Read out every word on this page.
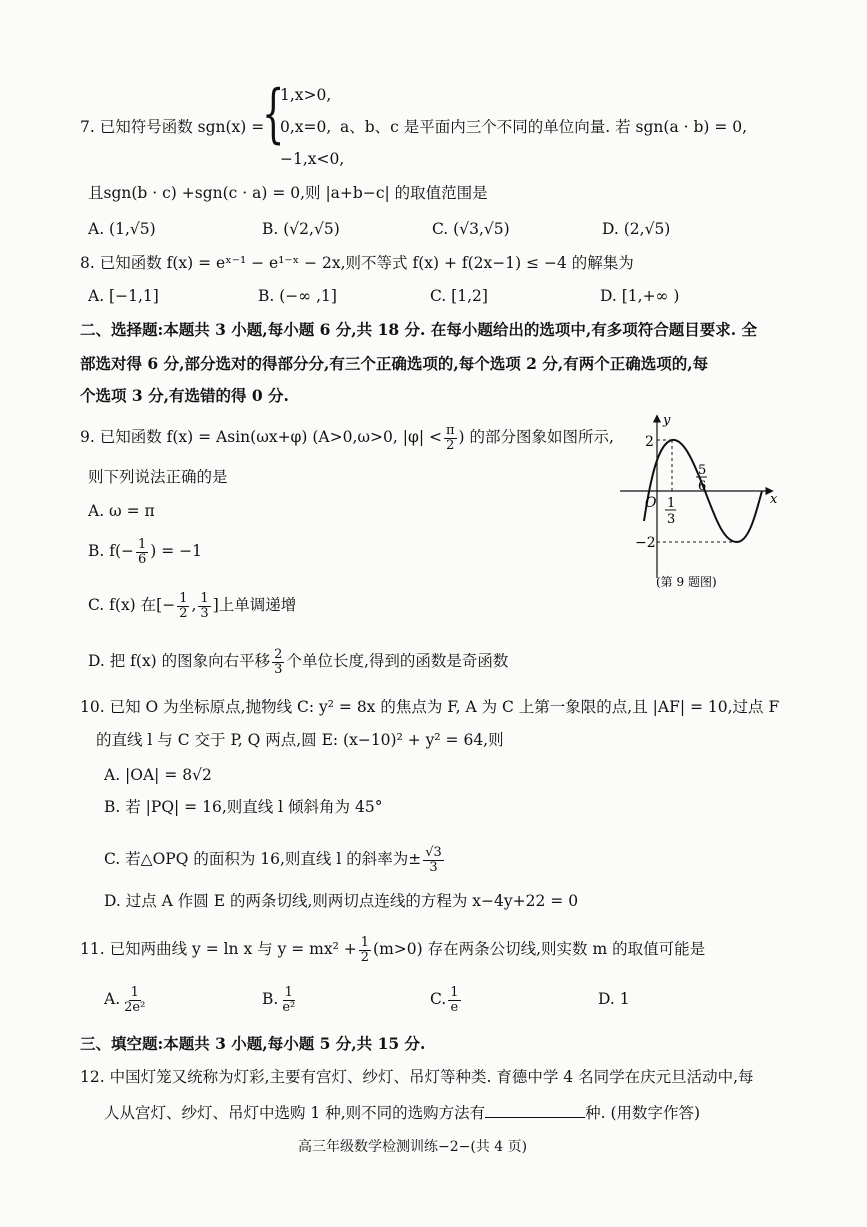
7. 已知符号函数 sgn(x) =
{
1,x>0,
0,x=0,
−1,x<0,
a、b、c 是平面内三个不同的单位向量. 若 sgn(a · b) = 0,
且sgn(b · c) +sgn(c · a) = 0,则 |a+b−c| 的取值范围是
A. (1,√5)	B. (√2,√5)	C. (√3,√5)	D. (2,√5)
8. 已知函数 f(x) = eˣ⁻¹ − e¹⁻ˣ − 2x,则不等式 f(x) + f(2x−1) ≤ −4 的解集为
A. [−1,1]	B. (−∞ ,1]	C. [1,2]	D. [1,+∞ )
二、选择题:本题共 3 小题,每小题 6 分,共 18 分. 在每小题给出的选项中,有多项符合题目要求. 全
部选对得 6 分,部分选对的得部分分,有三个正确选项的,每个选项 2 分,有两个正确选项的,每
个选项 3 分,有选错的得 0 分.
9. 已知函数 f(x) = Asin(ωx+φ) (A>0,ω>0, $|\varphi| < \frac{\pi}{2}$ ) 的部分图象如图所示,
则下列说法正确的是
A. ω = π
B. $f(- \frac{1}{6}$ ) = −1
C. f(x) 在[− $\frac{1}{2}$ , $\frac{1}{3}$ ]上单调递增
D. 把 f(x) 的图象向右平移 $\frac{2}{3}$ 个单位长度,得到的函数是奇函数
y
x
O
2
−2
1
3
5
6
(第 9 题图)
10. 已知 O 为坐标原点,抛物线 C: y² = 8x 的焦点为 F, A 为 C 上第一象限的点,且 |AF| = 10,过点 F
的直线 l 与 C 交于 P, Q 两点,圆 E: (x−10)² + y² = 64,则
A. |OA| = 8√2
B. 若 |PQ| = 16,则直线 l 倾斜角为 45°
C. 若△OPQ 的面积为 16,则直线 l 的斜率为± $\frac{√3}{3}$
D. 过点 A 作圆 E 的两条切线,则两切点连线的方程为 x−4y+22 = 0
11. 已知两曲线 y = ln x 与 $y = mx^2 + \frac{1}{2} (m>0)$ 存在两条公切线,则实数 m 的取值可能是
A. $\frac{1}{\text{2e²}}$	B. $\frac{1}{\text{e²}}$	C. $\frac{1}{e}$	D. 1
三、填空题:本题共 3 小题,每小题 5 分,共 15 分.
12. 中国灯笼又统称为灯彩,主要有宫灯、纱灯、吊灯等种类. 育德中学 4 名同学在庆元旦活动中,每
人从宫灯、纱灯、吊灯中选购 1 种,则不同的选购方法有	种. (用数字作答)
高三年级数学检测训练−2−(共 4 页)
